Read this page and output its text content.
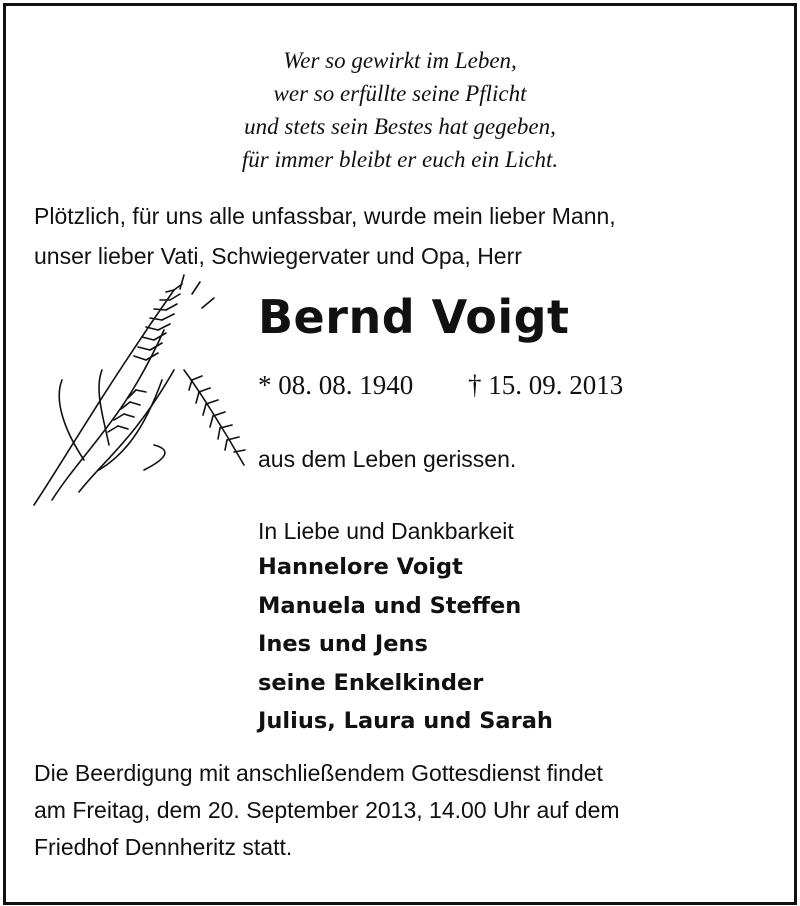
Wer so gewirkt im Leben,
wer so erfüllte seine Pflicht
und stets sein Bestes hat gegeben,
für immer bleibt er euch ein Licht.
Plötzlich, für uns alle unfassbar, wurde mein lieber Mann,
unser lieber Vati, Schwiegervater und Opa, Herr
Bernd Voigt
* 08. 08. 1940 † 15. 09. 2013
aus dem Leben gerissen.
In Liebe und Dankbarkeit
Hannelore Voigt
Manuela und Steffen
Ines und Jens
seine Enkelkinder
Julius, Laura und Sarah
Die Beerdigung mit anschließendem Gottesdienst findet
am Freitag, dem 20. September 2013, 14.00 Uhr auf dem
Friedhof Dennheritz statt.
